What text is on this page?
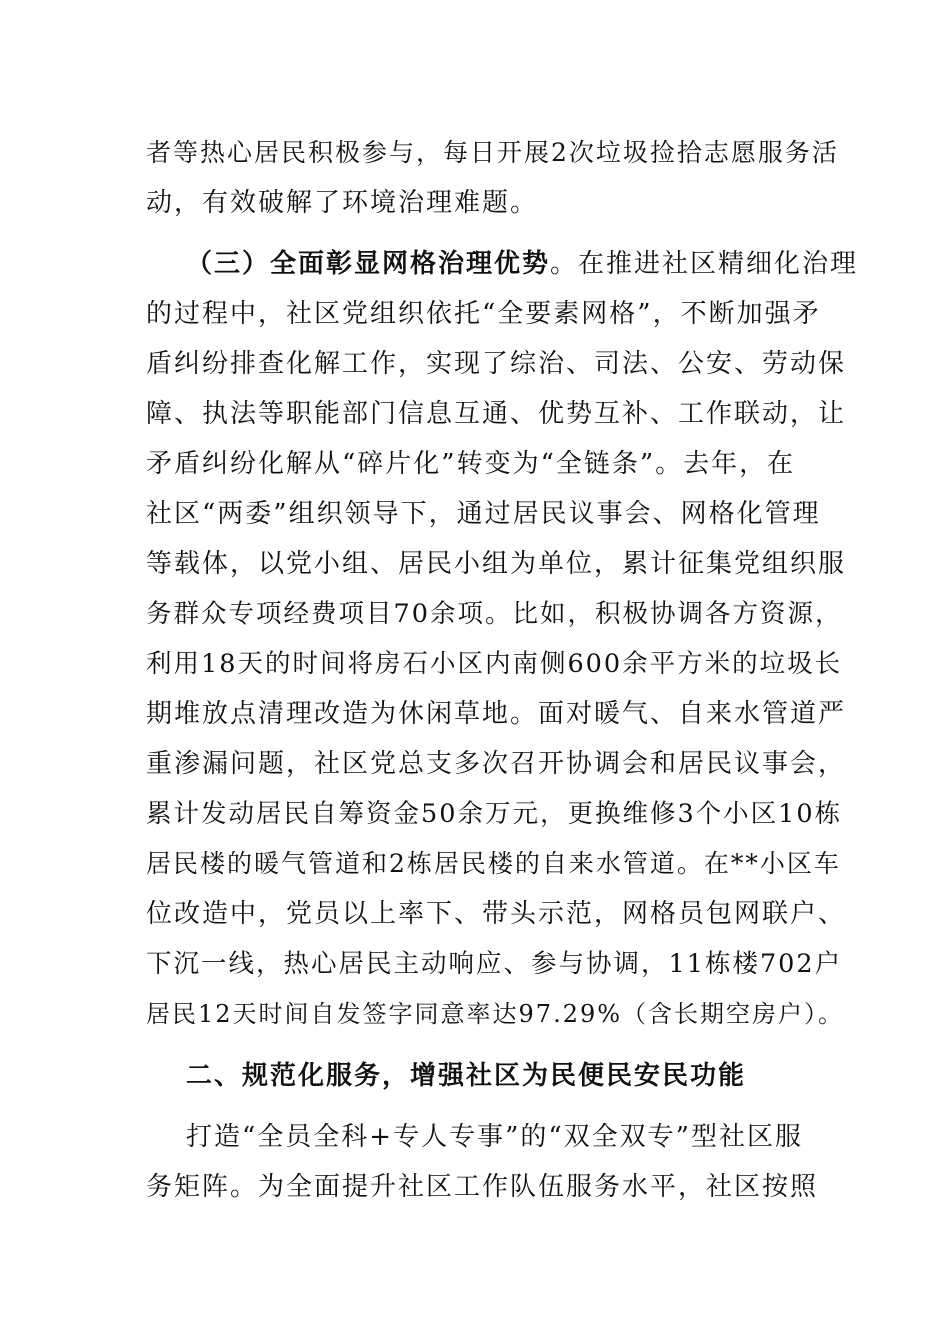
者等热心居民积极参与，每日开展2次垃圾捡拾志愿服务活
动，有效破解了环境治理难题。
（三）全面彰显网格治理优势。在推进社区精细化治理
的过程中，社区党组织依托“全要素网格”，不断加强矛
盾纠纷排查化解工作，实现了综治、司法、公安、劳动保
障、执法等职能部门信息互通、优势互补、工作联动，让
矛盾纠纷化解从“碎片化”转变为“全链条”。去年，在
社区“两委”组织领导下，通过居民议事会、网格化管理
等载体，以党小组、居民小组为单位，累计征集党组织服
务群众专项经费项目70余项。比如，积极协调各方资源，
利用18天的时间将房石小区内南侧600余平方米的垃圾长
期堆放点清理改造为休闲草地。面对暖气、自来水管道严
重渗漏问题，社区党总支多次召开协调会和居民议事会，
累计发动居民自筹资金50余万元，更换维修3个小区10栋
居民楼的暖气管道和2栋居民楼的自来水管道。在**小区车
位改造中，党员以上率下、带头示范，网格员包网联户、
下沉一线，热心居民主动响应、参与协调，11栋楼702户
居民12天时间自发签字同意率达97.29%（含长期空房户）。
二、规范化服务，增强社区为民便民安民功能
打造“全员全科+专人专事”的“双全双专”型社区服
务矩阵。为全面提升社区工作队伍服务水平，社区按照
